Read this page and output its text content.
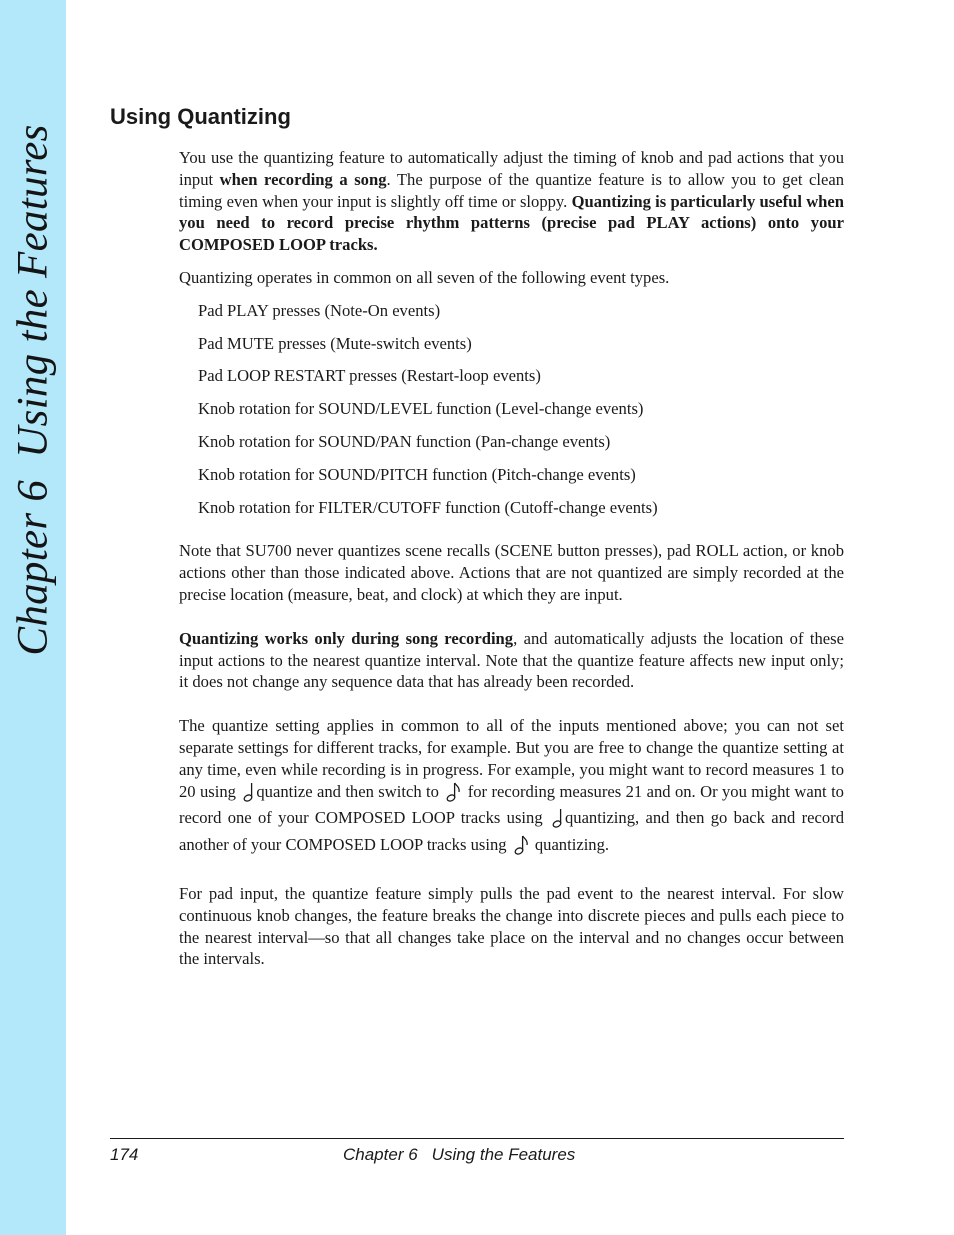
Chapter 6Using the Features
Using Quantizing

You use the quantizing feature to automatically adjust the timing of knob and pad actions that you input when recording a song. The purpose of the quantize feature is to allow you to get clean timing even when your input is slightly off time or sloppy. Quantizing is particularly useful when you need to record precise rhythm patterns (precise pad PLAY actions) onto your COMPOSED LOOP tracks.

Quantizing operates in common on all seven of the following event types.

Pad PLAY presses (Note-On events)
Pad MUTE presses (Mute-switch events)
Pad LOOP RESTART presses (Restart-loop events)
Knob rotation for SOUND/LEVEL function (Level-change events)
Knob rotation for SOUND/PAN function (Pan-change events)
Knob rotation for SOUND/PITCH function (Pitch-change events)
Knob rotation for FILTER/CUTOFF function (Cutoff-change events)

Note that SU700 never quantizes scene recalls (SCENE button presses), pad ROLL action, or knob actions other than those indicated above. Actions that are not quantized are simply recorded at the precise location (measure, beat, and clock) at which they are input.

Quantizing works only during song recording, and automatically adjusts the location of these input actions to the nearest quantize interval. Note that the quantize feature affects new input only; it does not change any sequence data that has already been recorded.

The quantize setting applies in common to all of the inputs mentioned above; you can not set separate settings for different tracks, for example. But you are free to change the quantize setting at any time, even while recording is in progress. For example, you might want to record measures 1 to 20 using quantize and then switch to  for recording measures 21 and on. Or you might want to record one of your COMPOSED LOOP tracks using quantizing, and then go back and record another of your COMPOSED LOOP tracks using  quantizing.

For pad input, the quantize feature simply pulls the pad event to the nearest interval. For slow continuous knob changes, the feature breaks the change into discrete pieces and pulls each piece to the nearest interval—so that all changes take place on the interval and no changes occur between the intervals.

174	Chapter 6 Using the Features
